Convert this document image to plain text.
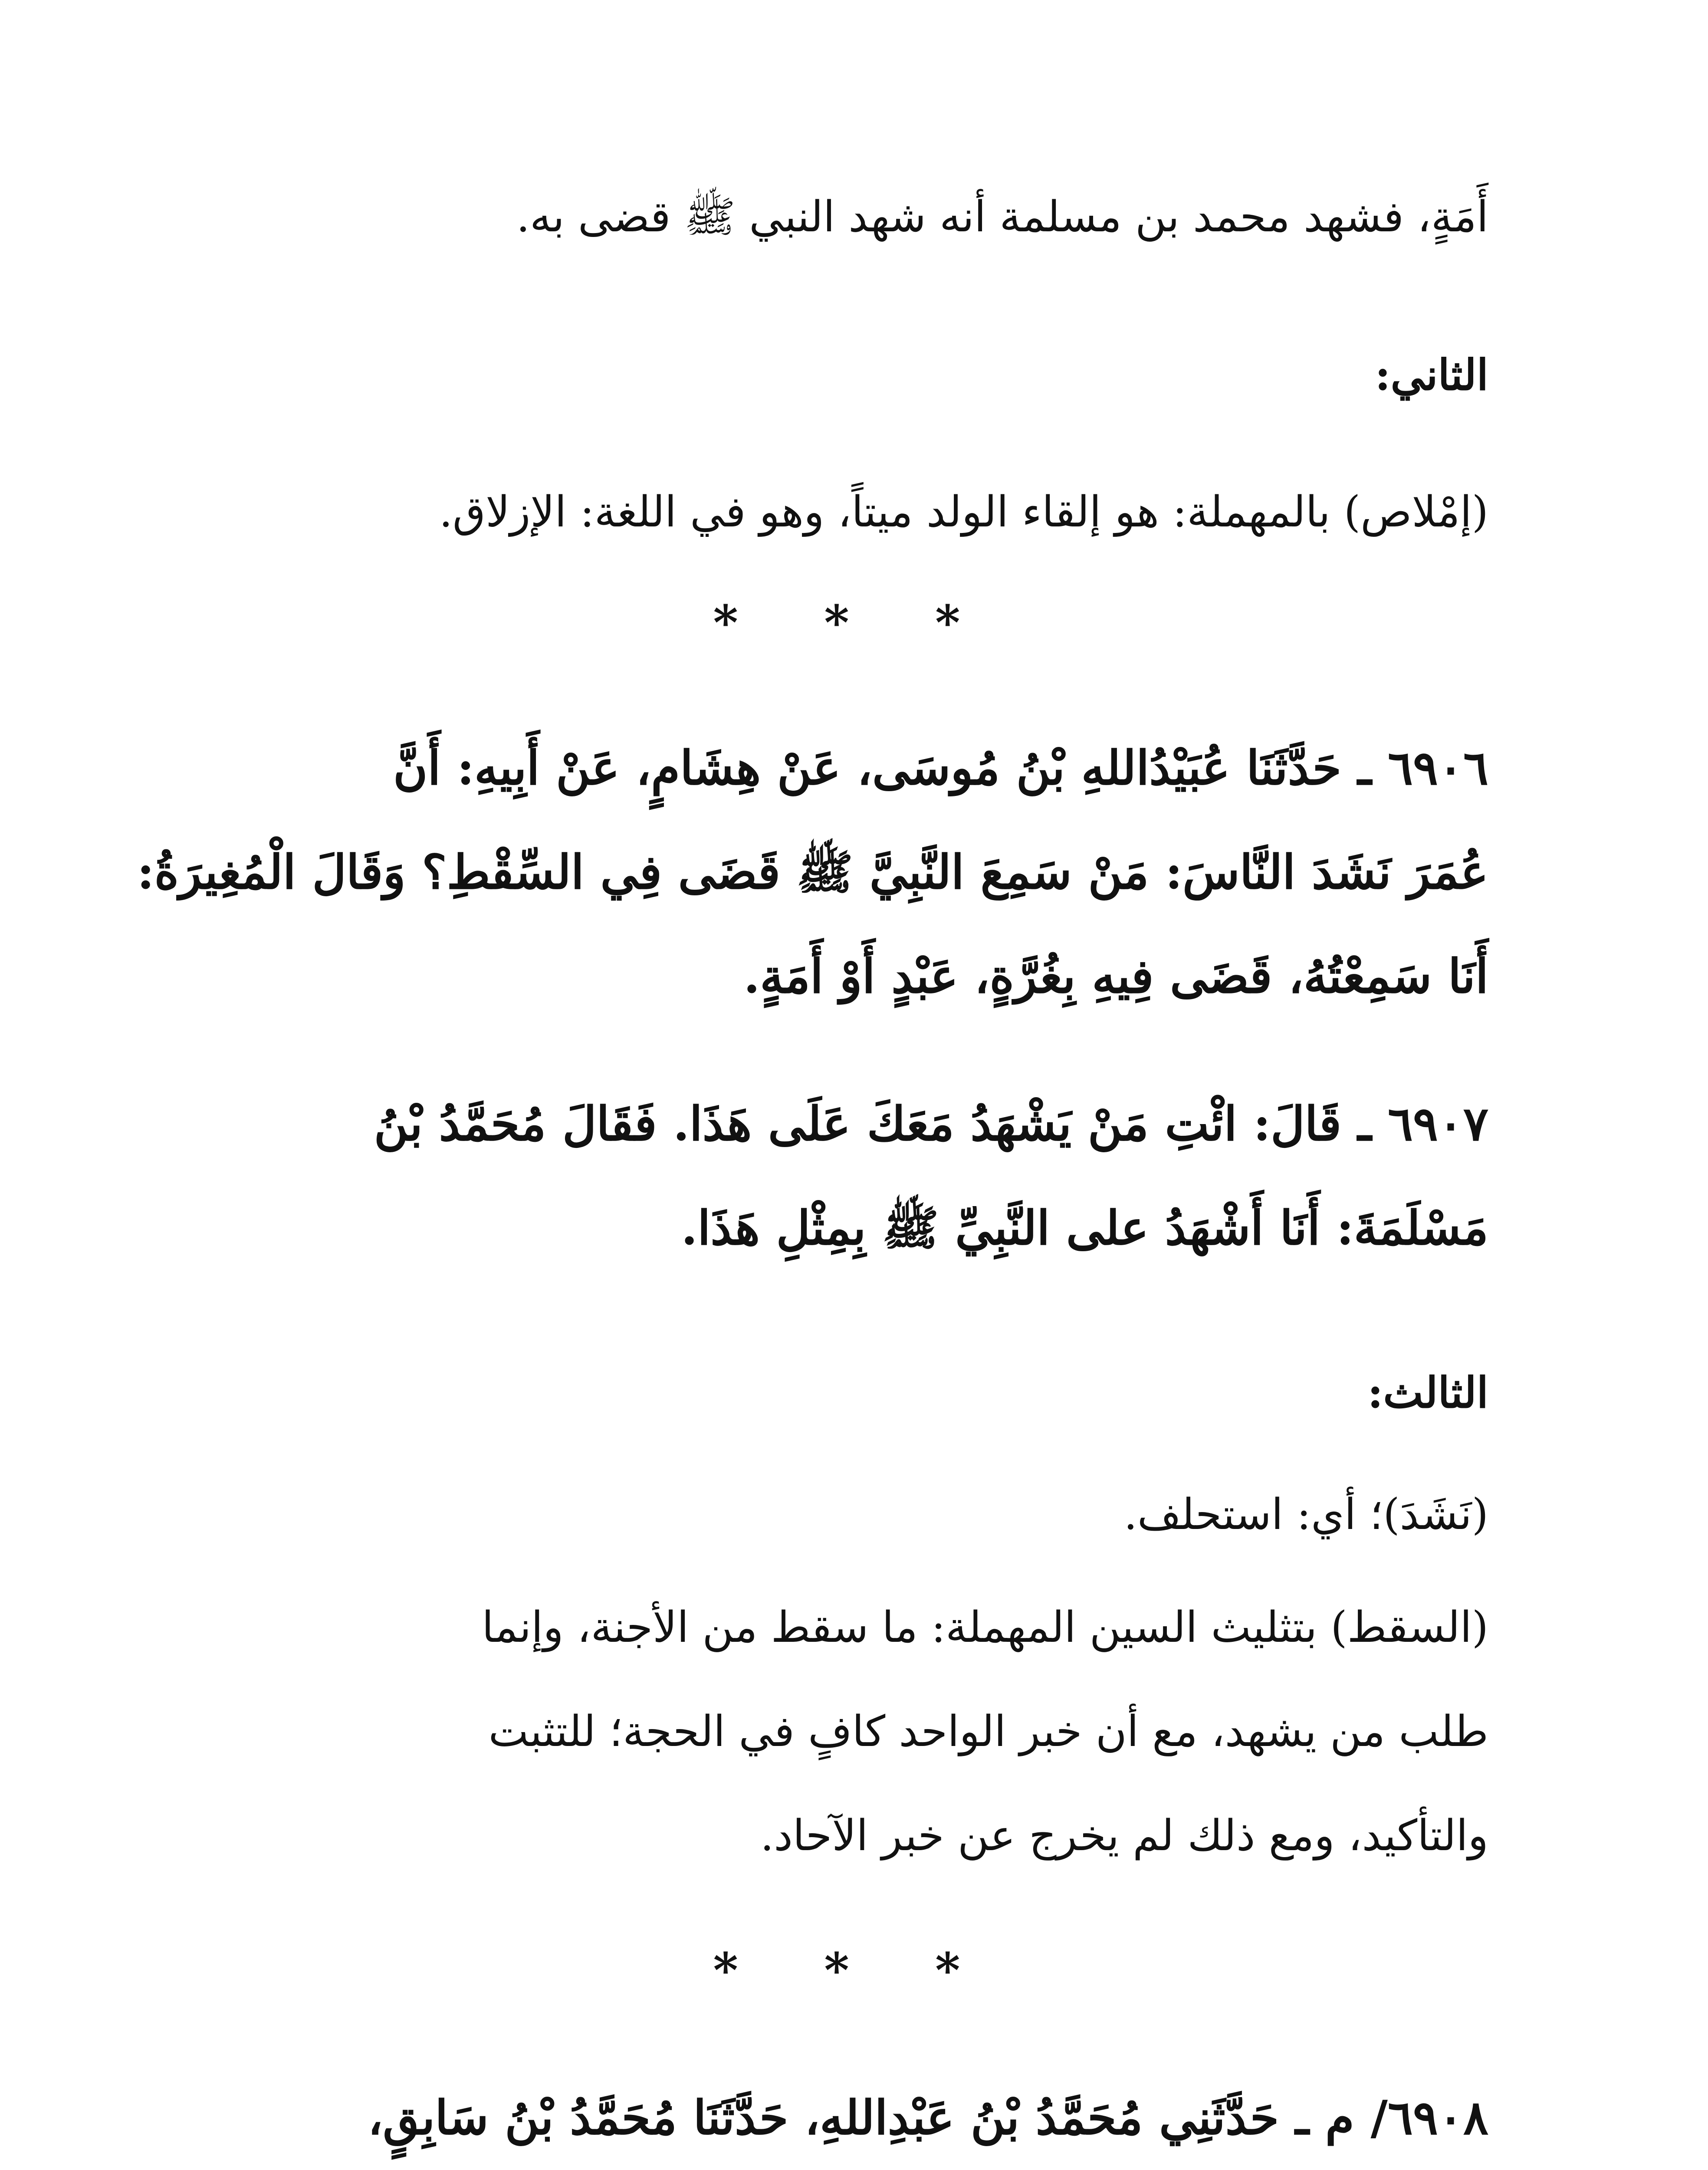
أَمَةٍ، فشهد محمد بن مسلمة أنه شهد النبي ﷺ قضى به.
الثاني:
(إمْلاص) بالمهملة: هو إلقاء الولد ميتاً، وهو في اللغة: الإزلاق.
* * *
٦٩٠٦ ـ حَدَّثَنَا عُبَيْدُاللهِ بْنُ مُوسَى، عَنْ هِشَامٍ، عَنْ أَبِيهِ: أَنَّ
عُمَرَ نَشَدَ النَّاسَ: مَنْ سَمِعَ النَّبِيَّ ﷺ قَضَى فِي السِّقْطِ؟ وَقَالَ الْمُغِيرَةُ:
أَنَا سَمِعْتُهُ، قَضَى فِيهِ بِغُرَّةٍ، عَبْدٍ أَوْ أَمَةٍ.
٦٩٠٧ ـ قَالَ: ائْتِ مَنْ يَشْهَدُ مَعَكَ عَلَى هَذَا. فَقَالَ مُحَمَّدُ بْنُ
مَسْلَمَةَ: أَنَا أَشْهَدُ على النَّبِيِّ ﷺ بِمِثْلِ هَذَا.
الثالث:
(نَشَدَ)؛ أي: استحلف.
(السقط) بتثليث السين المهملة: ما سقط من الأجنة، وإنما
طلب من يشهد، مع أن خبر الواحد كافٍ في الحجة؛ للتثبت
والتأكيد، ومع ذلك لم يخرج عن خبر الآحاد.
* * *
٦٩٠٨/ م ـ حَدَّثَنِي مُحَمَّدُ بْنُ عَبْدِاللهِ، حَدَّثَنَا مُحَمَّدُ بْنُ سَابِقٍ،
